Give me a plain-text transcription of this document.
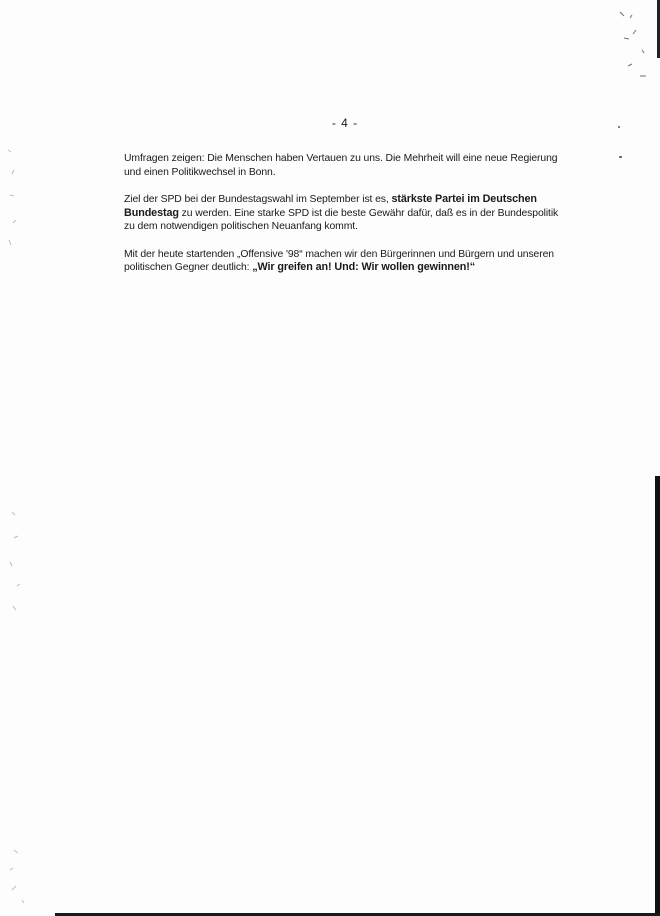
- 4 -

Umfragen zeigen: Die Menschen haben Vertauen zu uns. Die Mehrheit will eine neue Regierung und einen Politikwechsel in Bonn.

Ziel der SPD bei der Bundestagswahl im September ist es, stärkste Partei im Deutschen Bundestag zu werden. Eine starke SPD ist die beste Gewähr dafür, daß es in der Bundespolitik zu dem notwendigen politischen Neuanfang kommt.

Mit der heute startenden „Offensive '98“ machen wir den Bürgerinnen und Bürgern und unseren politischen Gegner deutlich: „Wir greifen an! Und: Wir wollen gewinnen!“
